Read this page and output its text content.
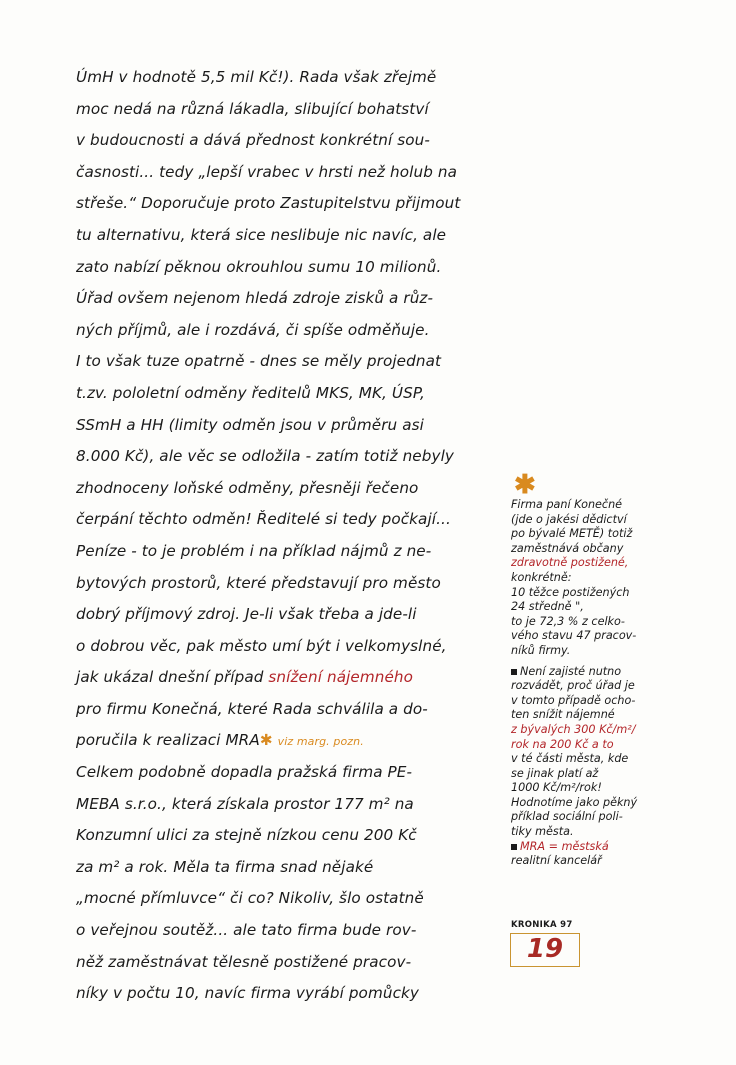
ÚmH v hodnotě 5,5 mil Kč!). Rada však zřejmě
moc nedá na různá lákadla, slibující bohatství
v budoucnosti a dává přednost konkrétní sou-
časnosti... tedy „lepší vrabec v hrsti než holub na
střeše.“ Doporučuje proto Zastupitelstvu přijmout
tu alternativu, která sice neslibuje nic navíc, ale
zato nabízí pěknou okrouhlou sumu 10 milionů.
Úřad ovšem nejenom hledá zdroje zisků a růz-
ných příjmů, ale i rozdává, či spíše odměňuje.
I to však tuze opatrně - dnes se měly projednat
t.zv. pololetní odměny ředitelů MKS, MK, ÚSP,
SSmH a HH (limity odměn jsou v průměru asi
8.000 Kč), ale věc se odložila - zatím totiž nebyly
zhodnoceny loňské odměny, přesněji řečeno
čerpání těchto odměn! Ředitelé si tedy počkají...
Peníze - to je problém i na příklad nájmů z ne-
bytových prostorů, které představují pro město
dobrý příjmový zdroj. Je-li však třeba a jde-li
o dobrou věc, pak město umí být i velkomyslné,
jak ukázal dnešní případ snížení nájemného
pro firmu Konečná, které Rada schválila a do-
poručila k realizaci MRA✱ viz marg. pozn.
Celkem podobně dopadla pražská firma PE-
MEBA s.r.o., která získala prostor 177 m² na
Konzumní ulici za stejně nízkou cenu 200 Kč
za m² a rok. Měla ta firma snad nějaké
„mocné přímluvce“ či co? Nikoliv, šlo ostatně
o veřejnou soutěž... ale tato firma bude rov-
něž zaměstnávat tělesně postižené pracov-
níky v počtu 10, navíc firma vyrábí pomůcky
✱
Firma paní Konečné
(jde o jakési dědictví
po bývalé METĚ) totiž
zaměstnává občany
zdravotně postižené,
konkrétně:
10 těžce postižených
24 středně ",
to je 72,3 % z celko-
vého stavu 47 pracov-
níků firmy.
Není zajisté nutno
rozvádět, proč úřad je
v tomto případě ocho-
ten snížit nájemné
z bývalých 300 Kč/m²/
rok na 200 Kč a to
v té části města, kde
se jinak platí až
1000 Kč/m²/rok!
Hodnotíme jako pěkný
příklad sociální poli-
tiky města.
MRA = městská
realitní kancelář
KRONIKA 97
19
